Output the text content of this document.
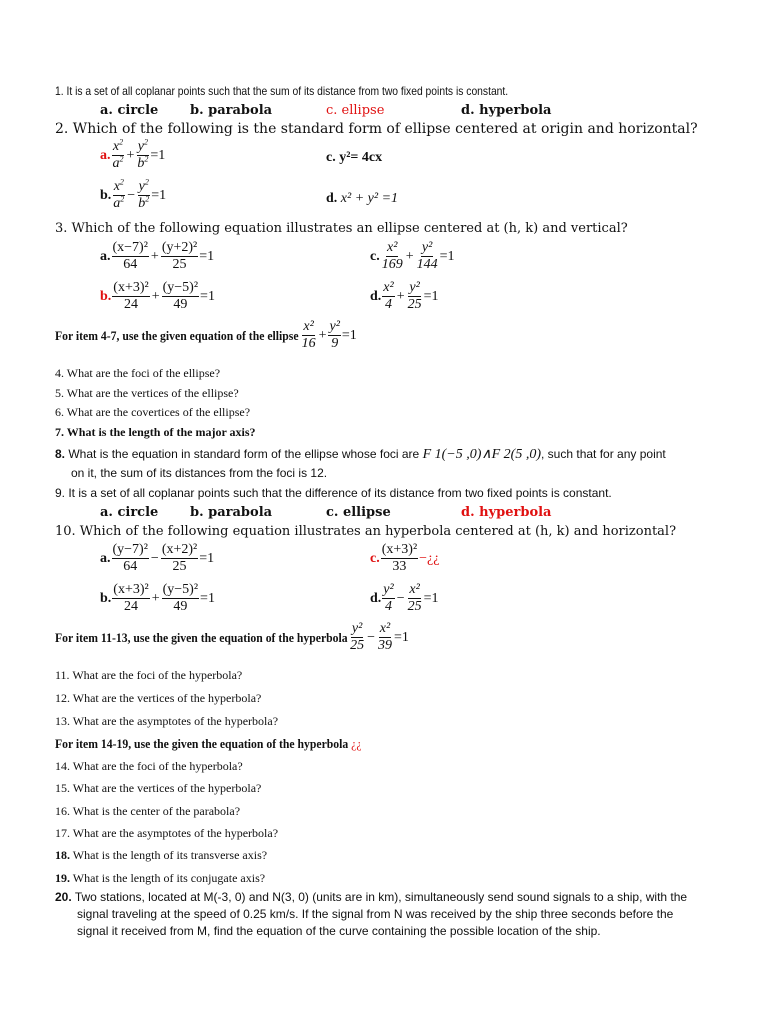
1. It is a set of all coplanar points such that the sum of its distance from two fixed points is constant.
a. circle b. parabola	c. ellipse	d. hyperbola
2. Which of the following is the standard form of ellipse centered at origin and horizontal?
a. $\frac{x^2}{a^2} + \frac{y^2}{b^2} =1$	c. y²= 4cx
b. $\frac{x^2}{a^2} - \frac{y^2}{b^2} =1$	d. x² + y² =1
3. Which of the following equation illustrates an ellipse centered at (h, k) and vertical?
a. $\frac{\text{(x−7)²}}{64} + \frac{\text{(y+2)²}}{25} =1$	c. $\frac{\text{x²}}{169} + \frac{\text{y²}}{144} =1$
b. $\frac{\text{(x+3)²}}{24} + \frac{\text{(y−5)²}}{49} =1$	d. $\frac{\text{x²}}{4} + \frac{\text{y²}}{25} =1$
For item 4-7, use the given equation of the ellipse $\frac{\text{x²}}{16} + \frac{\text{y²}}{9} =1$
4. What are the foci of the ellipse?
5. What are the vertices of the ellipse?
6. What are the covertices of the ellipse?
7. What is the length of the major axis?
8. What is the equation in standard form of the ellipse whose foci are F 1(−5 ,0)∧F 2(5 ,0), such that for any point
on it, the sum of its distances from the foci is 12.
9. It is a set of all coplanar points such that the difference of its distance from two fixed points is constant.
a. circle b. parabola	c. ellipse	d. hyperbola
10. Which of the following equation illustrates an hyperbola centered at (h, k) and horizontal?
a. $\frac{\text{(y−7)²}}{64} - \frac{\text{(x+2)²}}{25} =1$	c. $\frac{\text{(x+3)²}}{33}$ −¿¿
b. $\frac{\text{(x+3)²}}{24} + \frac{\text{(y−5)²}}{49} =1$	d. $\frac{\text{y²}}{4} - \frac{\text{x²}}{25} =1$
For item 11-13, use the given the equation of the hyperbola $\frac{\text{y²}}{25} - \frac{\text{x²}}{39} =1$
11. What are the foci of the hyperbola?
12. What are the vertices of the hyperbola?
13. What are the asymptotes of the hyperbola?
For item 14-19, use the given the equation of the hyperbola ¿¿
14. What are the foci of the hyperbola?
15. What are the vertices of the hyperbola?
16. What is the center of the parabola?
17. What are the asymptotes of the hyperbola?
18. What is the length of its transverse axis?
19. What is the length of its conjugate axis?
20. Two stations, located at M(-3, 0) and N(3, 0) (units are in km), simultaneously send sound signals to a ship, with the
signal traveling at the speed of 0.25 km/s. If the signal from N was received by the ship three seconds before the
signal it received from M, find the equation of the curve containing the possible location of the ship.
